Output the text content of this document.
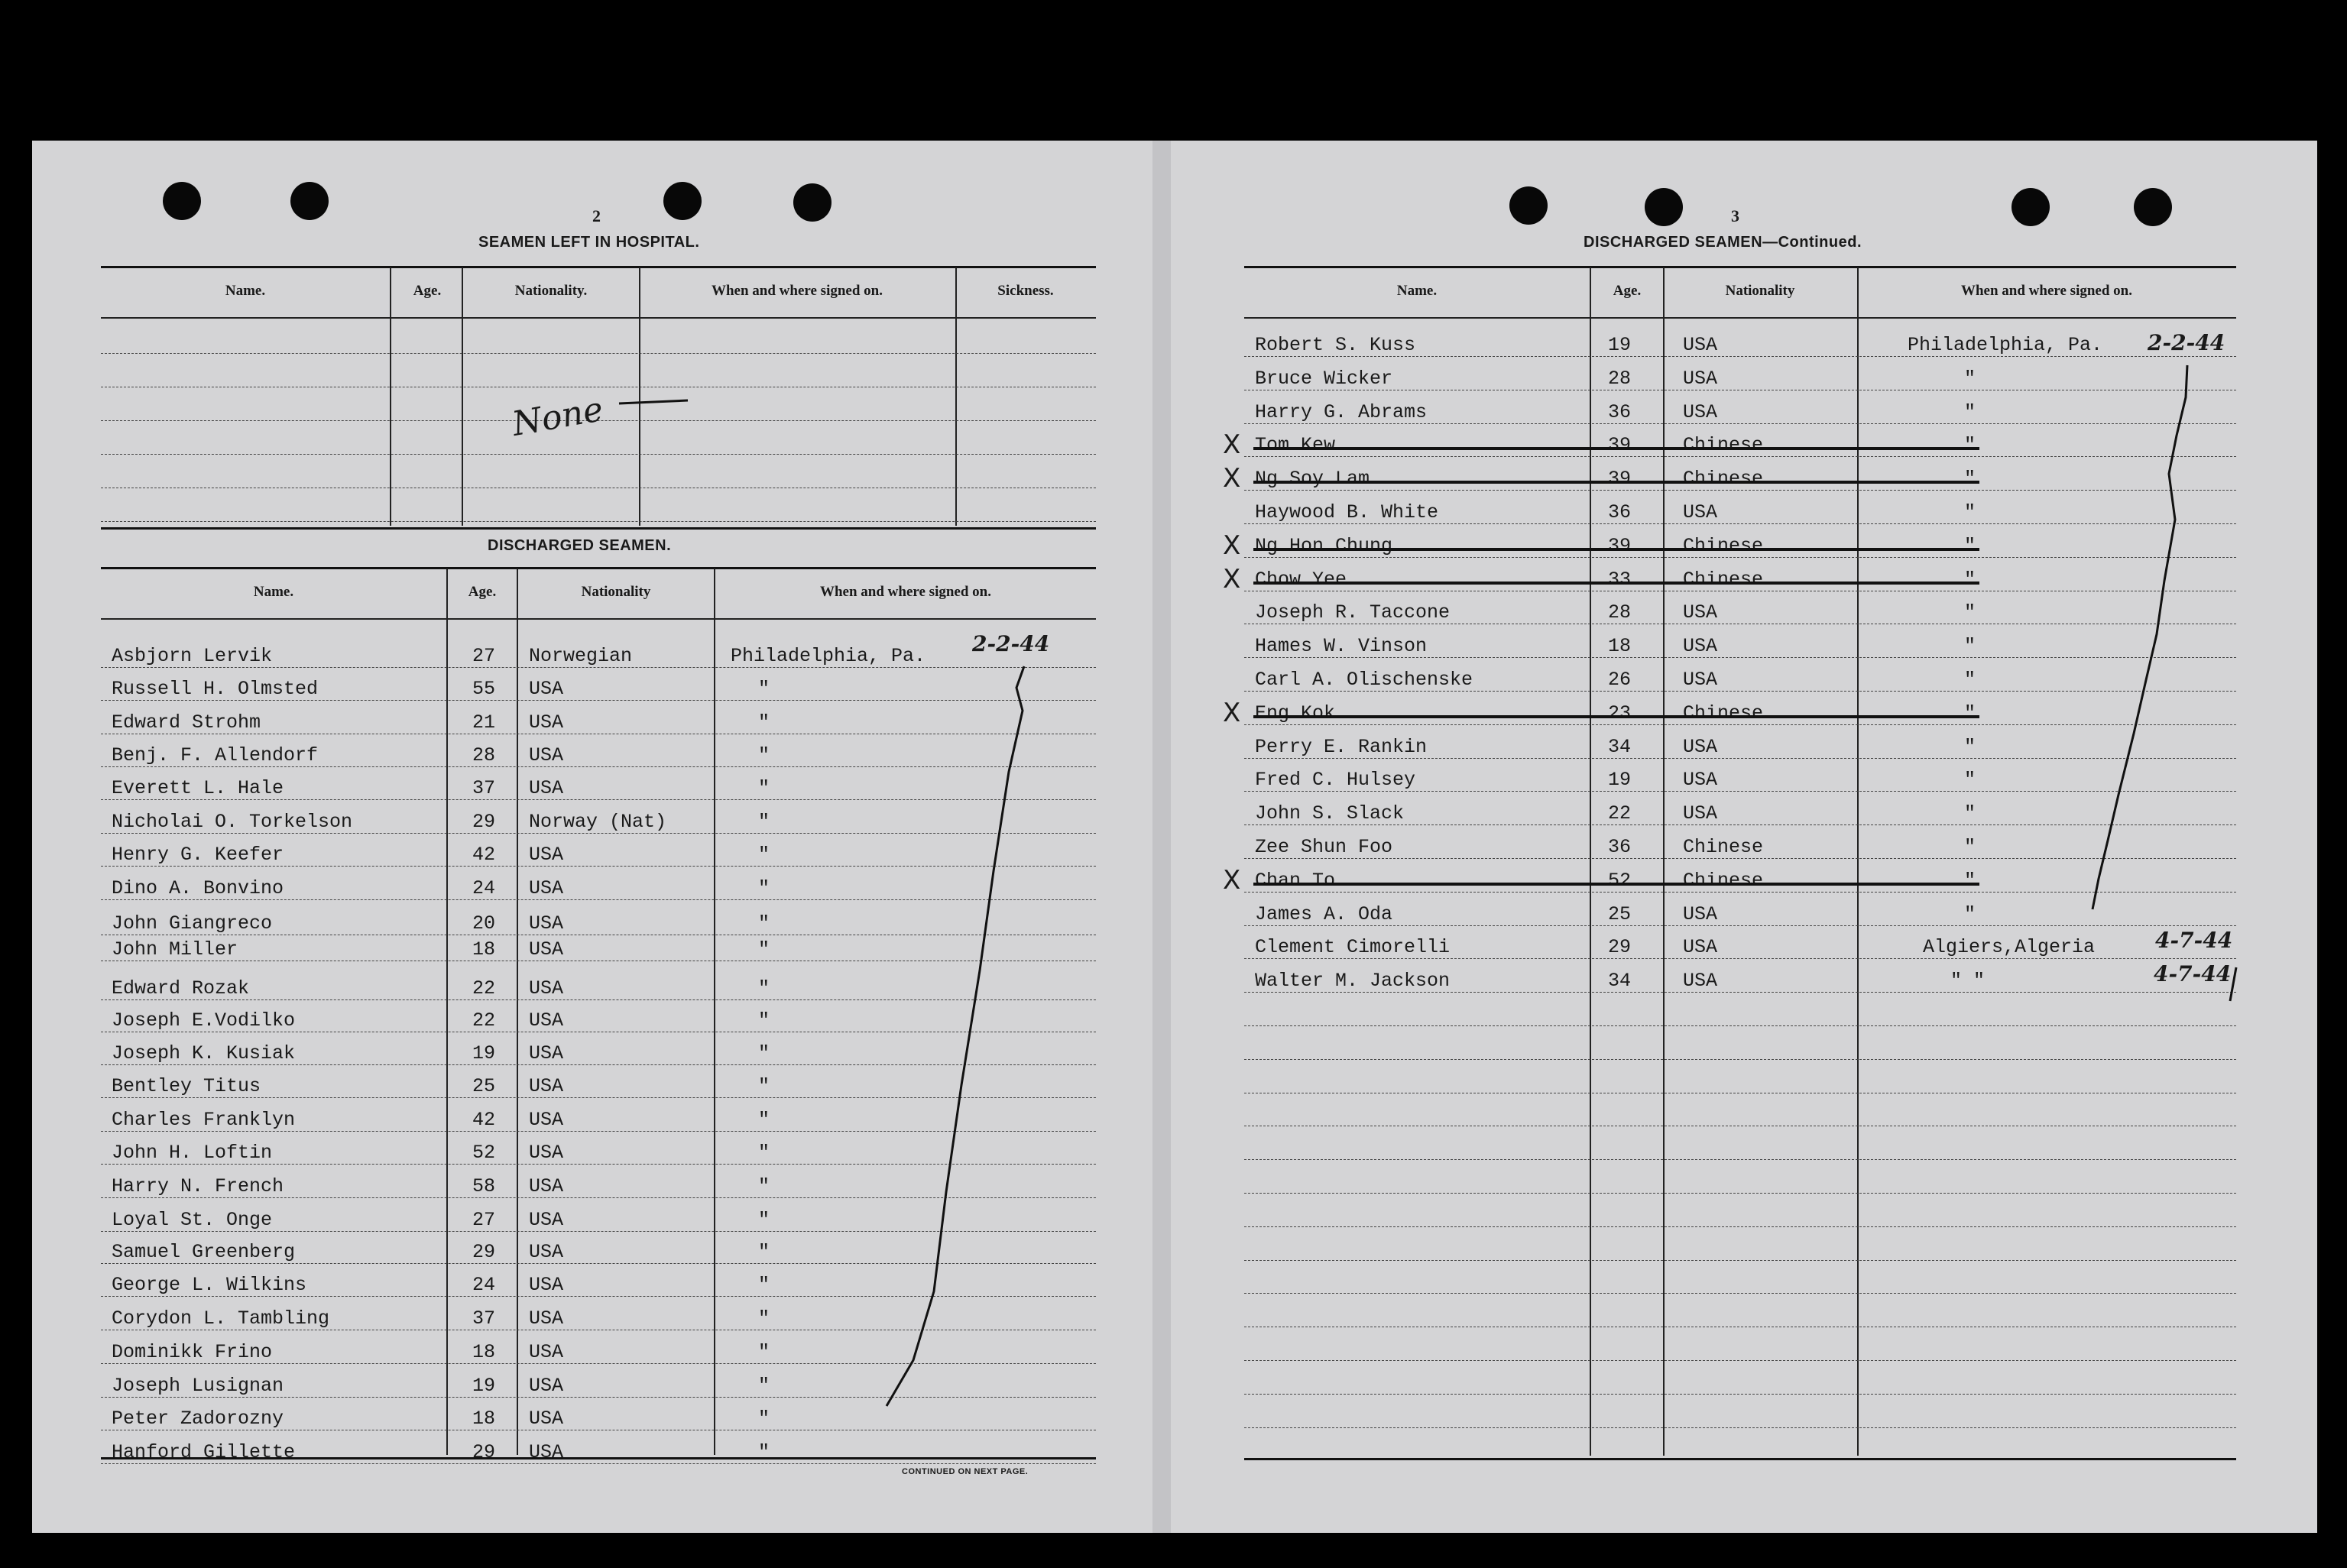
2
SEAMEN LEFT IN HOSPITAL.
Name.	Age.	Nationality.	When and where signed on.	Sickness.
None
DISCHARGED SEAMEN.
Name.	Age.	Nationality	When and where signed on.
Asbjorn Lervik	27 Norwegian	Philadelphia, Pa.
Russell H. Olmsted	55 USA	"
Edward Strohm	21 USA	"
Benj. F. Allendorf	28 USA	"
Everett L. Hale	37 USA	"
Nicholai O. Torkelson	29 Norway (Nat)	"
Henry G. Keefer	42 USA	"
Dino A. Bonvino	24 USA	"
John Giangreco	20 USA	"
John Miller	18 USA	"
Edward Rozak	22 USA	"
Joseph E.Vodilko	22 USA	"
Joseph K. Kusiak	19 USA	"
Bentley Titus	25 USA	"
Charles Franklyn	42 USA	"
John H. Loftin	52 USA	"
Harry N. French	58 USA	"
Loyal St. Onge	27 USA	"
Samuel Greenberg	29 USA	"
George L. Wilkins	24 USA	"
Corydon L. Tambling	37 USA	"
Dominikk Frino	18 USA	"
Joseph Lusignan	19 USA	"
Peter Zadorozny	18 USA	"
Hanford Gillette	29 USA	"
2-2-44
CONTINUED ON NEXT PAGE.
3
DISCHARGED SEAMEN—Continued.
Name.	Age.	Nationality	When and where signed on.
Robert S. Kuss	19	USA	Philadelphia, Pa.
Bruce Wicker	28	USA	"
Harry G. Abrams	36	USA	"
Tom Kew	39	Chinese	"
X
Ng Soy Lam	39	Chinese	"
X
Haywood B. White	36	USA	"
Ng Hon Chung	39	Chinese	"
X
Chow Yee	33	Chinese	"
X
Joseph R. Taccone	28	USA	"
Hames W. Vinson	18	USA	"
Carl A. Olischenske	26	USA	"
Eng Kok	23	Chinese	"
X
Perry E. Rankin	34	USA	"
Fred C. Hulsey	19	USA	"
John S. Slack	22	USA	"
Zee Shun Foo	36	Chinese	"
Chan To	52	Chinese	"
X
James A. Oda	25	USA	"
Clement Cimorelli	29	USA	Algiers,Algeria
Walter M. Jackson	34	USA	" "
2-2-44
4-7-44
4-7-44
